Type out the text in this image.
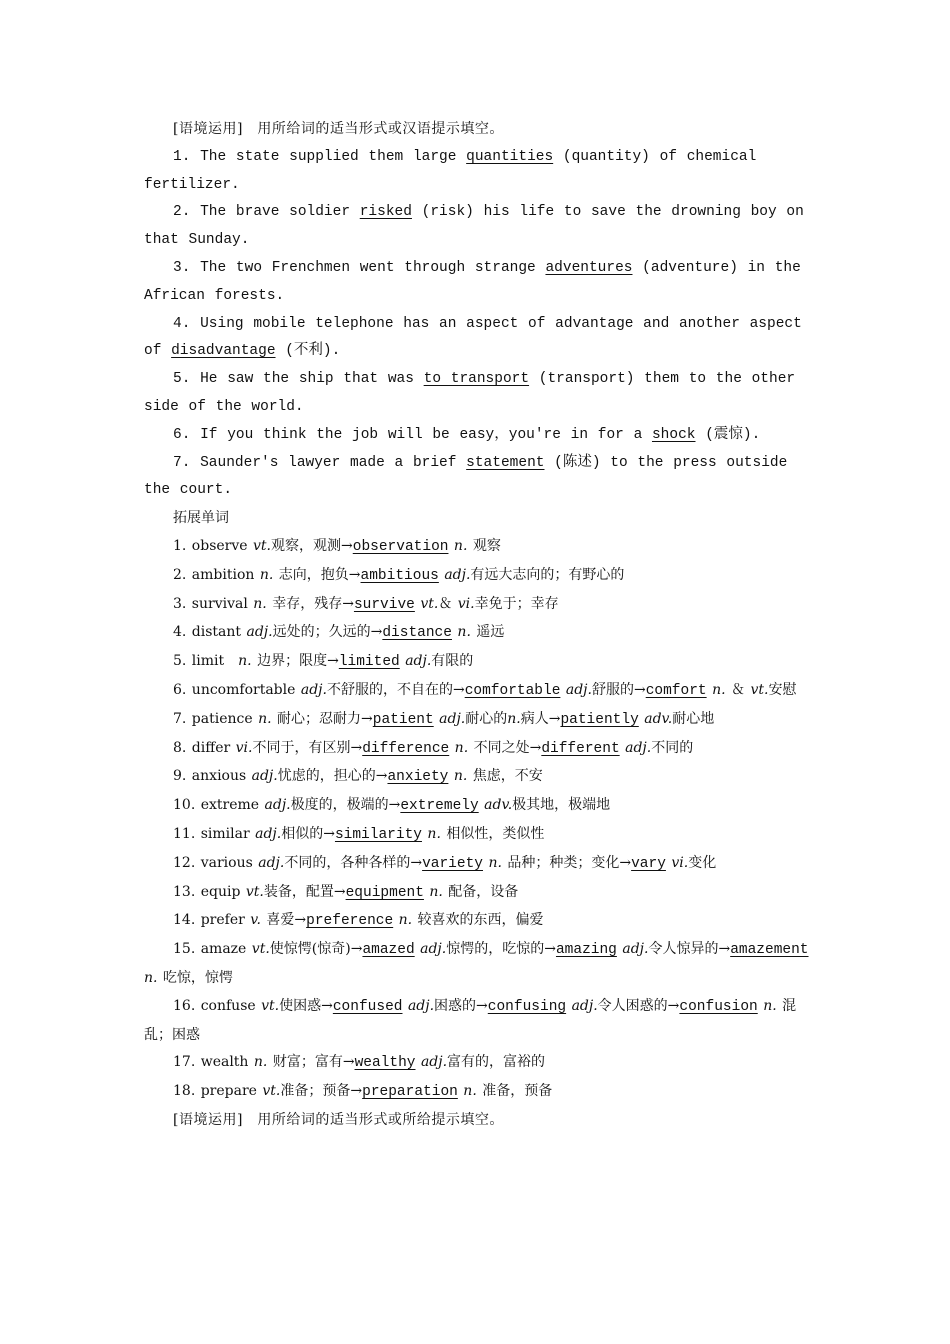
[语境运用]　用所给词的适当形式或汉语提示填空。

1. The state supplied them large quantities (quantity) of chemical fertilizer.

2. The brave soldier risked (risk) his life to save the drowning boy on that Sunday.

3. The two Frenchmen went through strange adventures (adventure) in the African forests.

4. Using mobile telephone has an aspect of advantage and another aspect of disadvantage (不利).

5. He saw the ship that was to transport (transport) them to the other side of the world.

6. If you think the job will be easy，you're in for a shock (震惊).

7. Saunder's lawyer made a brief statement (陈述) to the press outside the court.

拓展单词

1. observe vt.观察，观测→observation n. 观察

2. ambition n. 志向，抱负→ambitious adj.有远大志向的；有野心的

3. survival n. 幸存，残存→survive vt.＆ vi.幸免于；幸存

4. distant adj.远处的；久远的→distance n. 遥远

5. limit　n. 边界；限度→limited adj.有限的

6. uncomfortable adj.不舒服的，不自在的→comfortable adj.舒服的→comfort n. ＆ vt.安慰

7. patience n. 耐心；忍耐力→patient adj.耐心的n.病人→patiently adv.耐心地

8. differ vi.不同于，有区别→difference n. 不同之处→different adj.不同的

9. anxious adj.忧虑的，担心的→anxiety n. 焦虑，不安

10. extreme adj.极度的，极端的→extremely adv.极其地，极端地

11. similar adj.相似的→similarity n. 相似性，类似性

12. various adj.不同的，各种各样的→variety n. 品种；种类；变化→vary vi.变化

13. equip vt.装备，配置→equipment n. 配备，设备

14. prefer v. 喜爱→preference n. 较喜欢的东西，偏爱

15. amaze vt.使惊愕(惊奇)→amazed adj.惊愕的，吃惊的→amazing adj.令人惊异的→amazement n. 吃惊，惊愕

16. confuse vt.使困惑→confused adj.困惑的→confusing adj.令人困惑的→confusion n. 混乱；困惑

17. wealth n. 财富；富有→wealthy adj.富有的，富裕的

18. prepare vt.准备；预备→preparation n. 准备，预备

[语境运用]　用所给词的适当形式或所给提示填空。
